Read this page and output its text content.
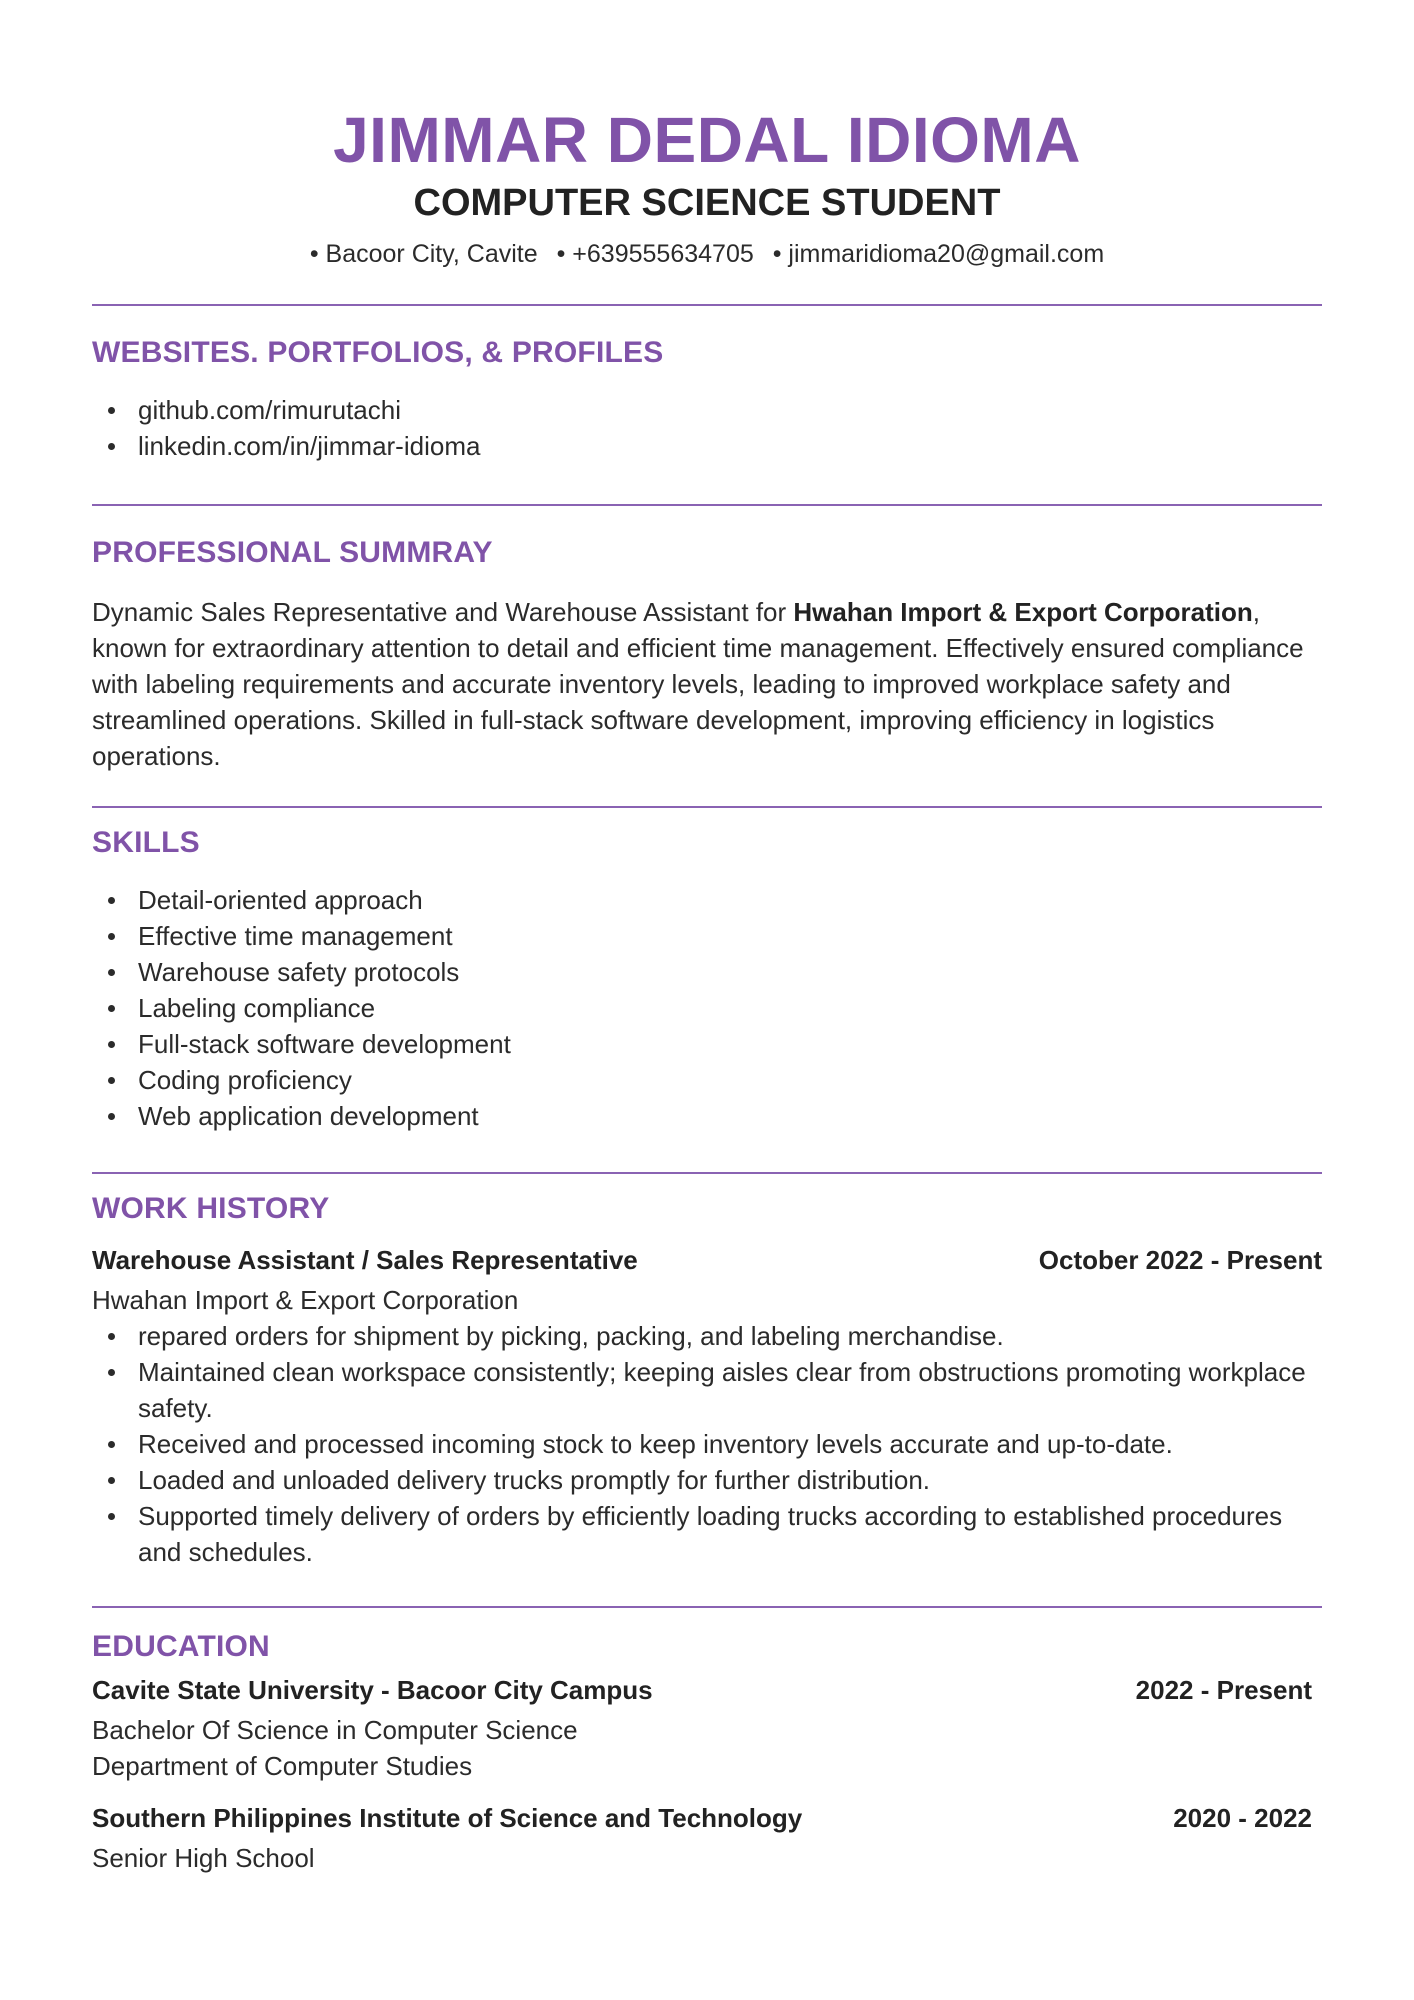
JIMMAR DEDAL IDIOMA
COMPUTER SCIENCE STUDENT
• Bacoor City, Cavite • +639555634705 • jimmaridioma20@gmail.com
WEBSITES. PORTFOLIOS, & PROFILES
github.com/rimurutachi
linkedin.com/in/jimmar-idioma
PROFESSIONAL SUMMRAY
Dynamic Sales Representative and Warehouse Assistant for Hwahan Import & Export Corporation, known for extraordinary attention to detail and efficient time management. Effectively ensured compliance with labeling requirements and accurate inventory levels, leading to improved workplace safety and streamlined operations. Skilled in full-stack software development, improving efficiency in logistics operations.
SKILLS
Detail-oriented approach
Effective time management
Warehouse safety protocols
Labeling compliance
Full-stack software development
Coding proficiency
Web application development
WORK HISTORY
Warehouse Assistant / Sales Representative	October 2022 - Present
Hwahan Import & Export Corporation
repared orders for shipment by picking, packing, and labeling merchandise.
Maintained clean workspace consistently; keeping aisles clear from obstructions promoting workplace safety.
Received and processed incoming stock to keep inventory levels accurate and up-to-date.
Loaded and unloaded delivery trucks promptly for further distribution.
Supported timely delivery of orders by efficiently loading trucks according to established procedures and schedules.
EDUCATION
Cavite State University - Bacoor City Campus	2022 - Present
Bachelor Of Science in Computer Science
Department of Computer Studies
Southern Philippines Institute of Science and Technology	2020 - 2022
Senior High School
